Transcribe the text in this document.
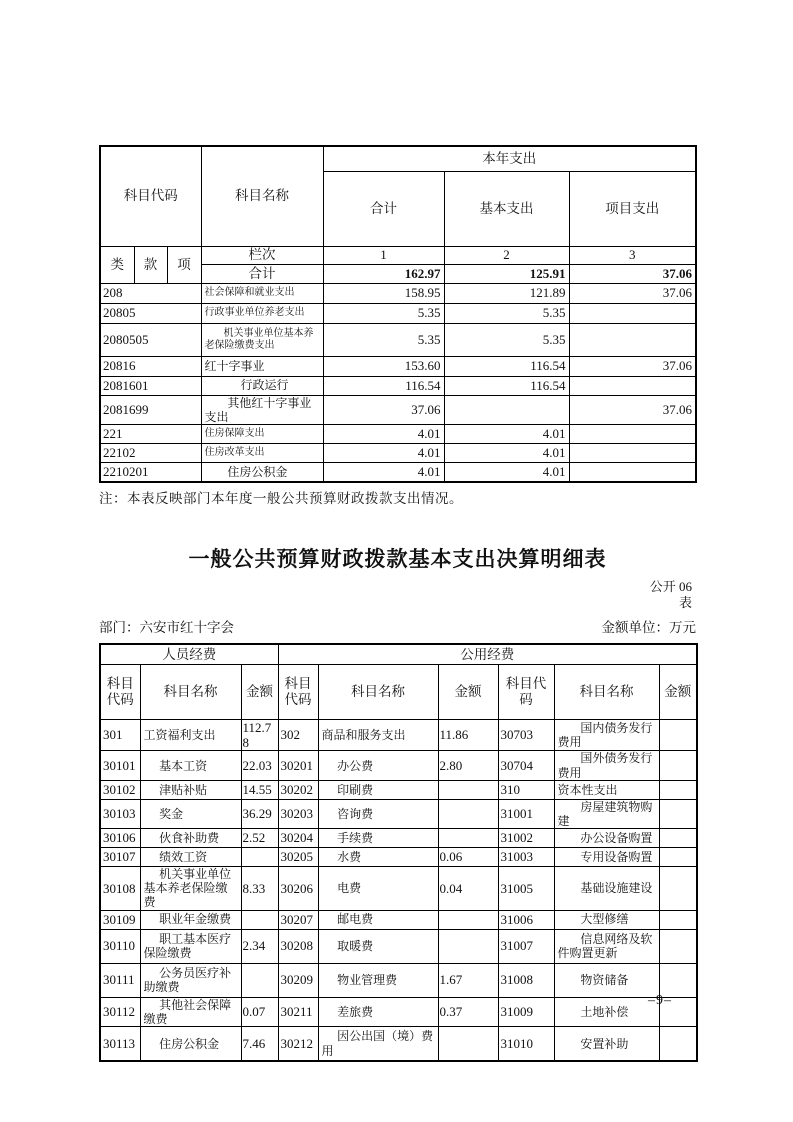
科目代码			科目名称	本年支出		
				合计	基本支出	项目支出
类	款	项	栏次	1	2	3
			合计	162.97	125.91	37.06
208			社会保障和就业支出	158.95	121.89	37.06
20805			行政事业单位养老支出	5.35	5.35	
2080505			机关事业单位基本养老保险缴费支出	5.35	5.35	
20816			红十字事业	153.60	116.54	37.06
2081601			行政运行	116.54	116.54	
2081699			其他红十字事业支出	37.06		37.06
221			住房保障支出	4.01	4.01	
22102			住房改革支出	4.01	4.01	
2210201			住房公积金	4.01	4.01	
注：本表反映部门本年度一般公共预算财政拨款支出情况。
一般公共预算财政拨款基本支出决算明细表
公开 06
表
部门：六安市红十字会	金额单位：万元
人员经费			公用经费					
科目代码	科目名称	金额	科目代码	科目名称	金额	科目代码	科目名称	金额
301	工资福利支出	112.78	302	商品和服务支出	11.86	30703	国内债务发行费用	
30101	基本工资	22.03	30201	办公费	2.80	30704	国外债务发行费用	
30102	津贴补贴	14.55	30202	印刷费		310	资本性支出	
30103	奖金	36.29	30203	咨询费		31001	房屋建筑物购建	
30106	伙食补助费	2.52	30204	手续费		31002	办公设备购置	
30107	绩效工资		30205	水费	0.06	31003	专用设备购置	
30108	机关事业单位基本养老保险缴费	8.33	30206	电费	0.04	31005	基础设施建设	
30109	职业年金缴费		30207	邮电费		31006	大型修缮	
30110	职工基本医疗保险缴费	2.34	30208	取暖费		31007	信息网络及软件购置更新	
30111	公务员医疗补助缴费		30209	物业管理费	1.67	31008	物资储备	
30112	其他社会保障缴费	0.07	30211	差旅费	0.37	31009	土地补偿	
30113	住房公积金	7.46	30212	因公出国（境）费用		31010	安置补助	
–9–
